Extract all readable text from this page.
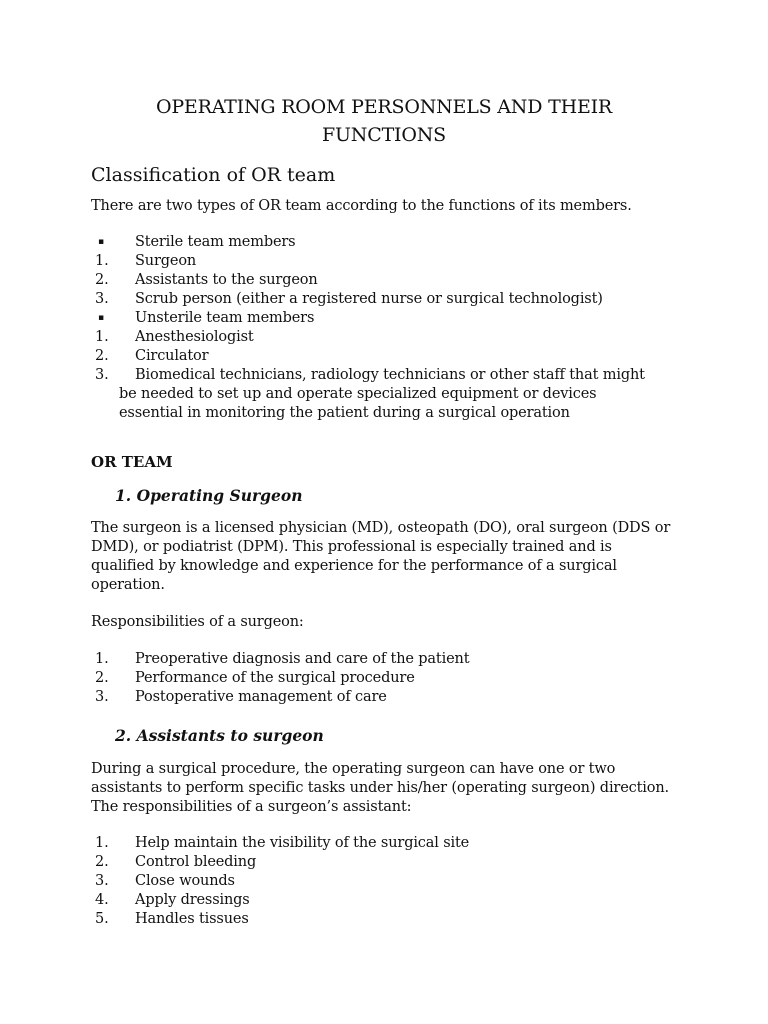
OPERATING ROOM PERSONNELS AND THEIR
FUNCTIONS
Classification of OR team
There are two types of OR team according to the functions of its members.
▪	Sterile team members
1.	Surgeon
2.	Assistants to the surgeon
3.	Scrub person (either a registered nurse or surgical technologist)
▪	Unsterile team members
1.	Anesthesiologist
2.	Circulator
3.	Biomedical technicians, radiology technicians or other staff that might
be needed to set up and operate specialized equipment or devices
essential in monitoring the patient during a surgical operation
OR TEAM
1. Operating Surgeon
The surgeon is a licensed physician (MD), osteopath (DO), oral surgeon (DDS or DMD), or podiatrist (DPM). This professional is especially trained and is qualified by knowledge and experience for the performance of a surgical operation.
Responsibilities of a surgeon:
1.	Preoperative diagnosis and care of the patient
2.	Performance of the surgical procedure
3.	Postoperative management of care
2. Assistants to surgeon
During a surgical procedure, the operating surgeon can have one or two assistants to perform specific tasks under his/her (operating surgeon) direction. The responsibilities of a surgeon’s assistant:
1.	Help maintain the visibility of the surgical site
2.	Control bleeding
3.	Close wounds
4.	Apply dressings
5.	Handles tissues
